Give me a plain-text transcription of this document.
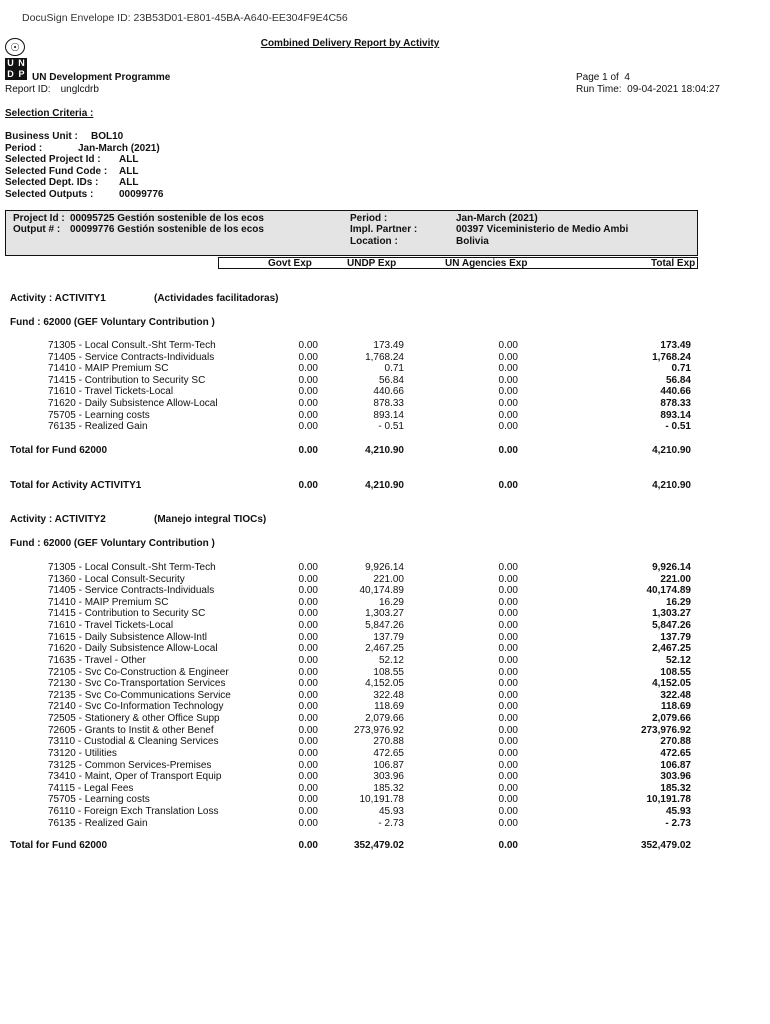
DocuSign Envelope ID: 23B53D01-E801-45BA-A640-EE304F9E4C56
Combined Delivery Report by Activity
☉
U N
D P UN Development Programme
Report ID: unglcdrb
Page 1 of 4
Run Time: 09-04-2021 18:04:27
Selection Criteria :
Business Unit : BOL10
Period :	Jan-March (2021)
Selected Project Id : ALL
Selected Fund Code : ALL
Selected Dept. IDs : ALL
Selected Outputs :	00099776
Project Id : 00095725 Gestión sostenible de los ecos
Output # : 00099776 Gestión sostenible de los ecos
Period :	Jan-March (2021)
Impl. Partner :	00397 Viceministerio de Medio Ambi
Location :	Bolivia
Govt Exp	UNDP Exp	UN Agencies Exp	Total Exp
Activity : ACTIVITY1	(Actividades facilitadoras)
Fund : 62000 (GEF Voluntary Contribution )
71305 - Local Consult.-Sht Term-Tech	0.00	173.49	0.00	173.49
71405 - Service Contracts-Individuals	0.00	1,768.24	0.00	1,768.24
71410 - MAIP Premium SC	0.00	0.71	0.00	0.71
71415 - Contribution to Security SC	0.00	56.84	0.00	56.84
71610 - Travel Tickets-Local	0.00	440.66	0.00	440.66
71620 - Daily Subsistence Allow-Local	0.00	878.33	0.00	878.33
75705 - Learning costs	0.00	893.14	0.00	893.14
76135 - Realized Gain	0.00	- 0.51	0.00	- 0.51
Total for Fund 62000	0.00	4,210.90	0.00	4,210.90
Total for Activity ACTIVITY1	0.00	4,210.90	0.00	4,210.90
Activity : ACTIVITY2	(Manejo integral TIOCs)
Fund : 62000 (GEF Voluntary Contribution )
71305 - Local Consult.-Sht Term-Tech	0.00	9,926.14	0.00	9,926.14
71360 - Local Consult-Security	0.00	221.00	0.00	221.00
71405 - Service Contracts-Individuals	0.00	40,174.89	0.00	40,174.89
71410 - MAIP Premium SC	0.00	16.29	0.00	16.29
71415 - Contribution to Security SC	0.00	1,303.27	0.00	1,303.27
71610 - Travel Tickets-Local	0.00	5,847.26	0.00	5,847.26
71615 - Daily Subsistence Allow-Intl	0.00	137.79	0.00	137.79
71620 - Daily Subsistence Allow-Local	0.00	2,467.25	0.00	2,467.25
71635 - Travel - Other	0.00	52.12	0.00	52.12
72105 - Svc Co-Construction & Engineer	0.00	108.55	0.00	108.55
72130 - Svc Co-Transportation Services	0.00	4,152.05	0.00	4,152.05
72135 - Svc Co-Communications Service	0.00	322.48	0.00	322.48
72140 - Svc Co-Information Technology	0.00	118.69	0.00	118.69
72505 - Stationery & other Office Supp	0.00	2,079.66	0.00	2,079.66
72605 - Grants to Instit & other Benef	0.00	273,976.92	0.00	273,976.92
73110 - Custodial & Cleaning Services	0.00	270.88	0.00	270.88
73120 - Utilities	0.00	472.65	0.00	472.65
73125 - Common Services-Premises	0.00	106.87	0.00	106.87
73410 - Maint, Oper of Transport Equip	0.00	303.96	0.00	303.96
74115 - Legal Fees	0.00	185.32	0.00	185.32
75705 - Learning costs	0.00	10,191.78	0.00	10,191.78
76110 - Foreign Exch Translation Loss	0.00	45.93	0.00	45.93
76135 - Realized Gain	0.00	- 2.73	0.00	- 2.73
Total for Fund 62000	0.00	352,479.02	0.00	352,479.02
